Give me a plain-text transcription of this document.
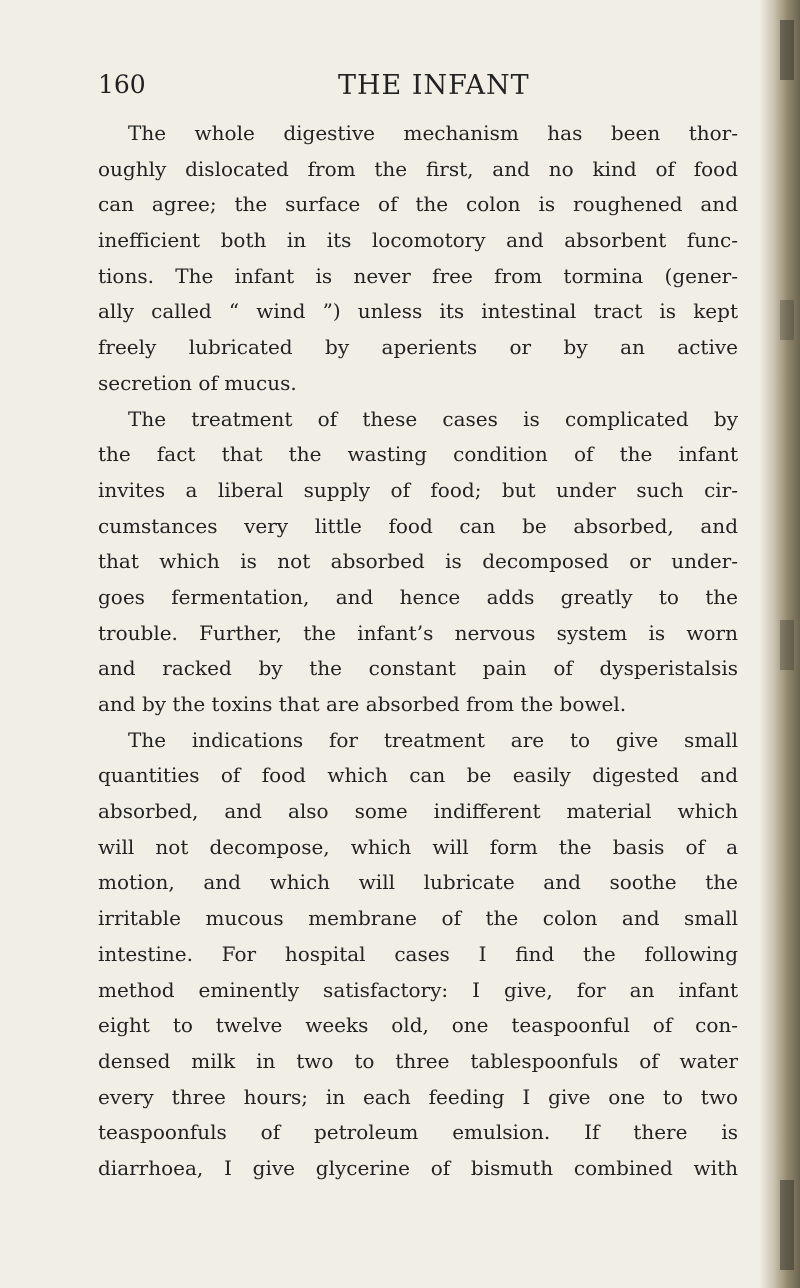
160	THE INFANT
The whole digestive mechanism has been thor-
oughly dislocated from the first, and no kind of food
can agree; the surface of the colon is roughened and
inefficient both in its locomotory and absorbent func-
tions. The infant is never free from tormina (gener-
ally called “ wind ”) unless its intestinal tract is kept
freely lubricated by aperients or by an active
secretion of mucus.
The treatment of these cases is complicated by
the fact that the wasting condition of the infant
invites a liberal supply of food; but under such cir-
cumstances very little food can be absorbed, and
that which is not absorbed is decomposed or under-
goes fermentation, and hence adds greatly to the
trouble. Further, the infant’s nervous system is worn
and racked by the constant pain of dysperistalsis
and by the toxins that are absorbed from the bowel.
The indications for treatment are to give small
quantities of food which can be easily digested and
absorbed, and also some indifferent material which
will not decompose, which will form the basis of a
motion, and which will lubricate and soothe the
irritable mucous membrane of the colon and small
intestine. For hospital cases I find the following
method eminently satisfactory: I give, for an infant
eight to twelve weeks old, one teaspoonful of con-
densed milk in two to three tablespoonfuls of water
every three hours; in each feeding I give one to two
teaspoonfuls of petroleum emulsion. If there is
diarrhoea, I give glycerine of bismuth combined with
